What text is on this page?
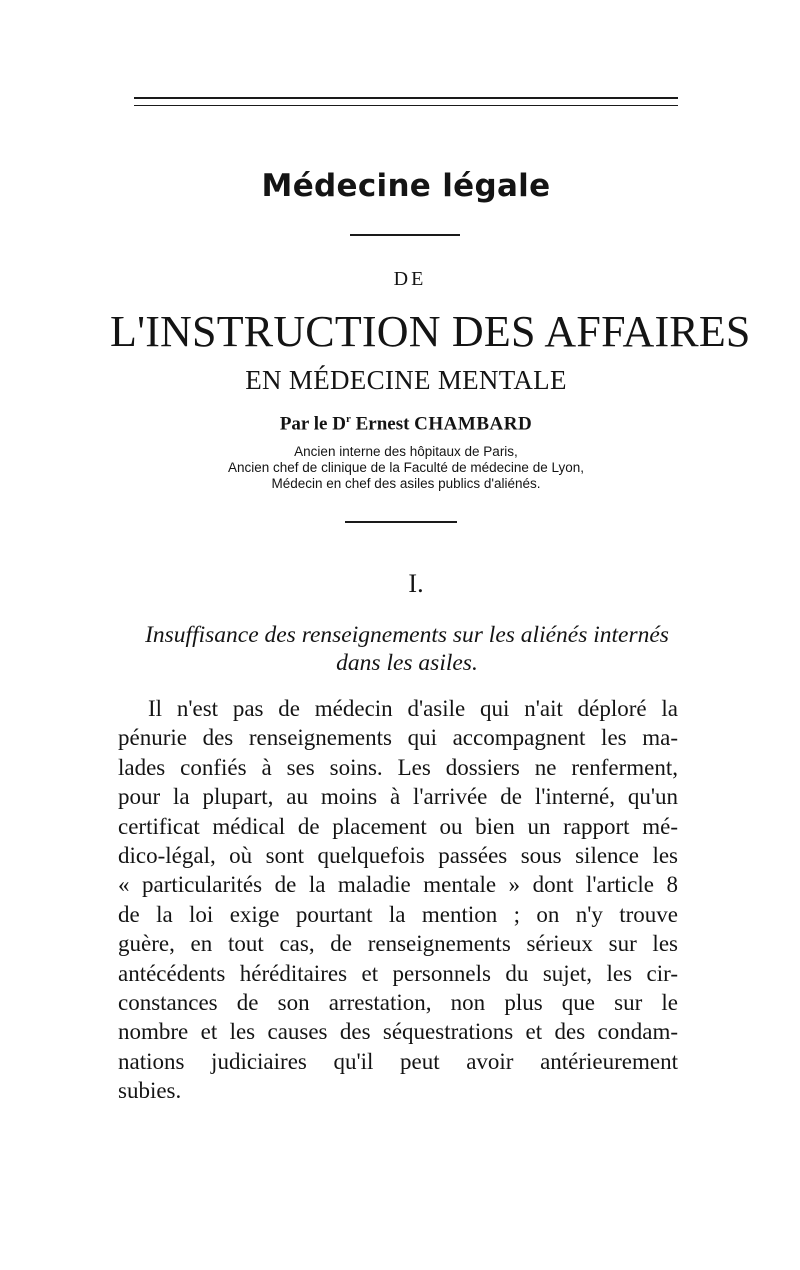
Médecine légale
DE
L'INSTRUCTION DES AFFAIRES
EN MÉDECINE MENTALE
Par le $D^r$ Ernest CHAMBARD
Ancien interne des hôpitaux de Paris,
Ancien chef de clinique de la Faculté de médecine de Lyon,
Médecin en chef des asiles publics d'aliénés.
I.
Insuffisance des renseignements sur les aliénés internés
dans les asiles.
Il n'est pas de médecin d'asile qui n'ait déploré la
pénurie des renseignements qui accompagnent les ma-
lades confiés à ses soins. Les dossiers ne renferment,
pour la plupart, au moins à l'arrivée de l'interné, qu'un
certificat médical de placement ou bien un rapport mé-
dico-légal, où sont quelquefois passées sous silence les
« particularités de la maladie mentale » dont l'article 8
de la loi exige pourtant la mention ; on n'y trouve
guère, en tout cas, de renseignements sérieux sur les
antécédents héréditaires et personnels du sujet, les cir-
constances de son arrestation, non plus que sur le
nombre et les causes des séquestrations et des condam-
nations judiciaires qu'il peut avoir antérieurement
subies.
